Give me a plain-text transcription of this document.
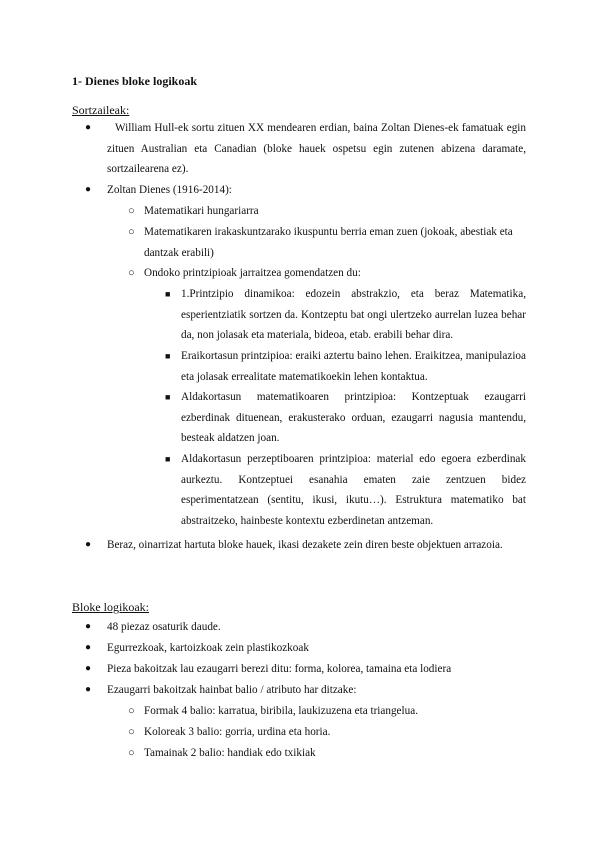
1- Dienes bloke logikoak

Sortzaileak:

●	William Hull-ek sortu zituen XX mendearen erdian, baina Zoltan Dienes-ek famatuak egin zituen Australian eta Canadian (bloke hauek ospetsu egin zutenen abizena daramate, sortzailearena ez).
● Zoltan Dienes (1916-2014):
○ Matematikari hungariarra
○ Matematikaren irakaskuntzarako ikuspuntu berria eman zuen (jokoak, abestiak eta dantzak erabili)
○ Ondoko printzipioak jarraitzea gomendatzen du:
■ 1.Printzipio dinamikoa: edozein abstrakzio, eta beraz Matematika, esperientziatik sortzen da. Kontzeptu bat ongi ulertzeko aurrelan luzea behar da, non jolasak eta materiala, bideoa, etab. erabili behar dira.
■ Eraikortasun printzipioa: eraiki aztertu baino lehen. Eraikitzea, manipulazioa eta jolasak errealitate matematikoekin lehen kontaktua.
■ Aldakortasun matematikoaren printzipioa: Kontzeptuak ezaugarri ezberdinak dituenean, erakusterako orduan, ezaugarri nagusia mantendu, besteak aldatzen joan.
■ Aldakortasun perzeptiboaren printzipioa: material edo egoera ezberdinak aurkeztu. Kontzeptuei esanahia ematen zaie zentzuen bidez esperimentatzean (sentitu, ikusi, ikutu…). Estruktura matematiko bat abstraitzeko, hainbeste kontextu ezberdinetan antzeman.
● Beraz, oinarrizat hartuta bloke hauek, ikasi dezakete zein diren beste objektuen arrazoia.

Bloke logikoak:

● 48 piezaz osaturik daude.
● Egurrezkoak, kartoizkoak zein plastikozkoak
● Pieza bakoitzak lau ezaugarri berezi ditu: forma, kolorea, tamaina eta lodiera
● Ezaugarri bakoitzak hainbat balio / atributo har ditzake:
○ Formak 4 balio: karratua, biribila, laukizuzena eta triangelua.
○ Koloreak 3 balio: gorria, urdina eta horia.
○ Tamainak 2 balio: handiak edo txikiak
